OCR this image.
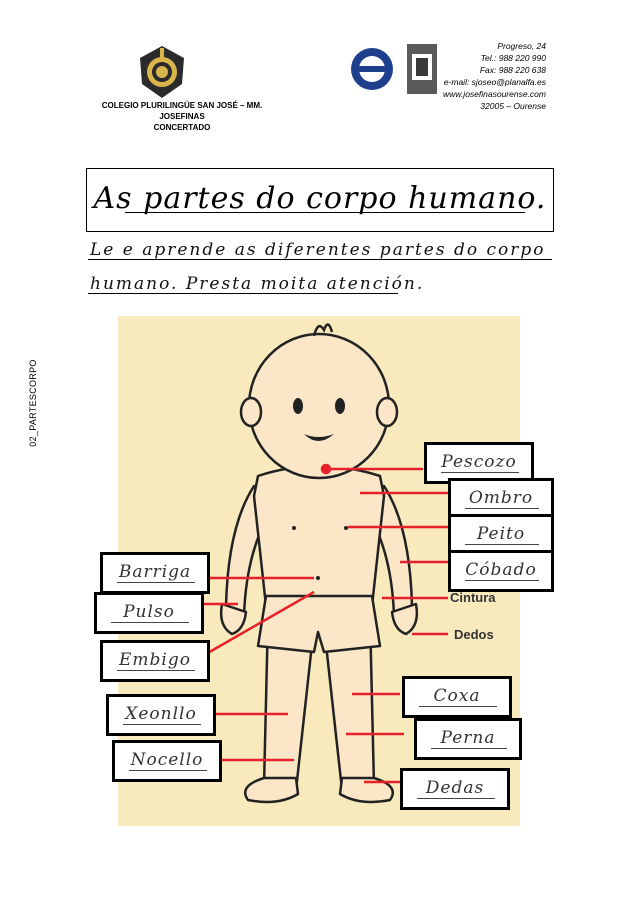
02_PARTESCORPO
COLEGIO PLURILINGÜE SAN JOSÉ – MM. JOSEFINAS
CONCERTADO
Progreso, 24
Tel.: 988 220 990
Fax: 988 220 638
e-mail: sjoseo@planalfa.es
www.josefinasourense.com
32005 – Ourense
As partes do corpo humano.
Le e aprende as diferentes partes do corpo
humano. Presta moita atención.
Pescozo
Ombro
Peito
Cóbado
Coxa
Perna
Dedas
Cintura
Dedos
Barriga
Pulso
Embigo
Xeonllo
Nocello
